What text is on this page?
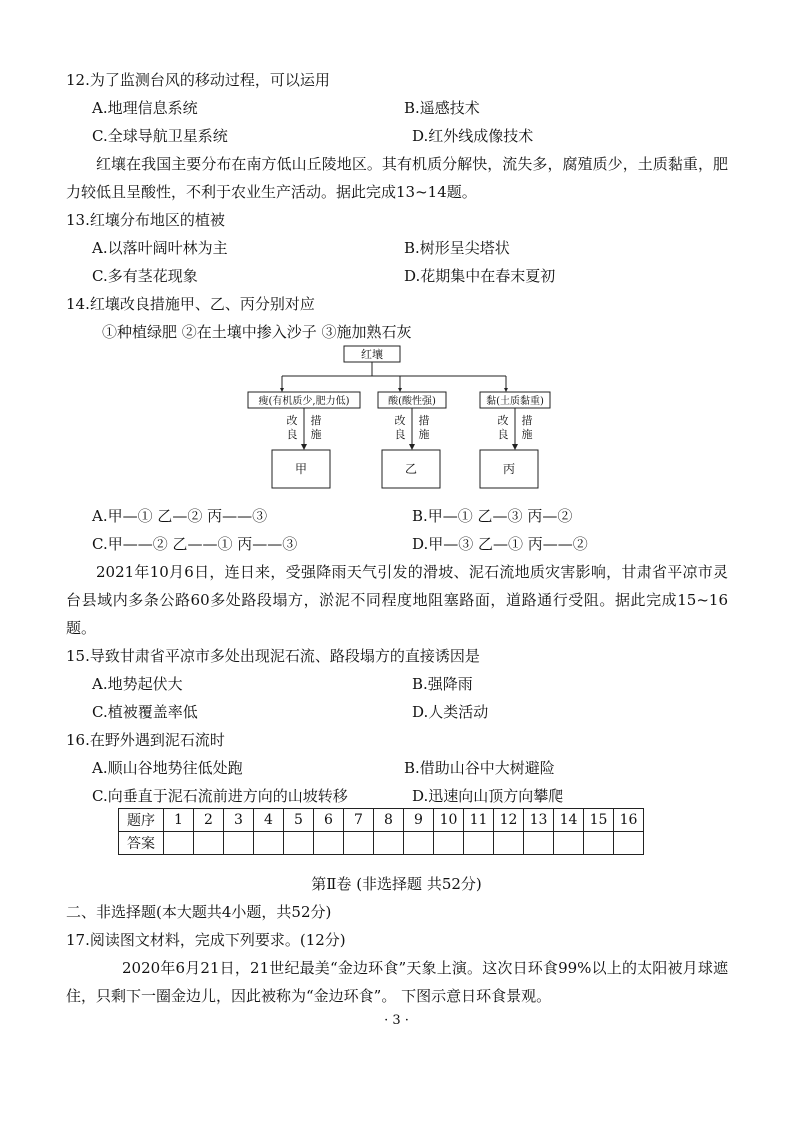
12.为了监测台风的移动过程，可以运用
A.地理信息系统	B.遥感技术
C.全球导航卫星系统	D.红外线成像技术
红壤在我国主要分布在南方低山丘陵地区。其有机质分解快，流失多，腐殖质少，土质黏重，肥力较低且呈酸性，不利于农业生产活动。据此完成13~14题。
13.红壤分布地区的植被
A.以落叶阔叶林为主	B.树形呈尖塔状
C.多有茎花现象	D.花期集中在春末夏初
14.红壤改良措施甲、乙、丙分别对应
①种植绿肥 ②在土壤中掺入沙子 ③施加熟石灰
红壤
瘦(有机质少,肥力低)	酸(酸性强)	黏(土质黏重)
改良
措施
改良
措施
改良
措施
甲	乙	丙
A.甲—① 乙—② 丙——③	B.甲—① 乙—③ 丙—②
C.甲——② 乙——① 丙——③	D.甲—③ 乙—① 丙——②
2021年10月6日，连日来，受强降雨天气引发的滑坡、泥石流地质灾害影响，甘肃省平凉市灵台县域内多条公路60多处路段塌方，淤泥不同程度地阻塞路面，道路通行受阻。据此完成15~16题。
15.导致甘肃省平凉市多处出现泥石流、路段塌方的直接诱因是
A.地势起伏大	B.强降雨
C.植被覆盖率低	D.人类活动
16.在野外遇到泥石流时
A.顺山谷地势往低处跑	B.借助山谷中大树避险
C.向垂直于泥石流前进方向的山坡转移	D.迅速向山顶方向攀爬
题序	1	2	3	4	5	6	7	8	9	10	11	12	13	14	15	16
答案																
第Ⅱ卷 (非选择题 共52分)
二、非选择题(本大题共4小题，共52分)
17.阅读图文材料，完成下列要求。(12分)
2020年6月21日，21世纪最美“金边环食”天象上演。这次日环食99%以上的太阳被月球遮住，只剩下一圈金边儿，因此被称为“金边环食”。 下图示意日环食景观。
· 3 ·
